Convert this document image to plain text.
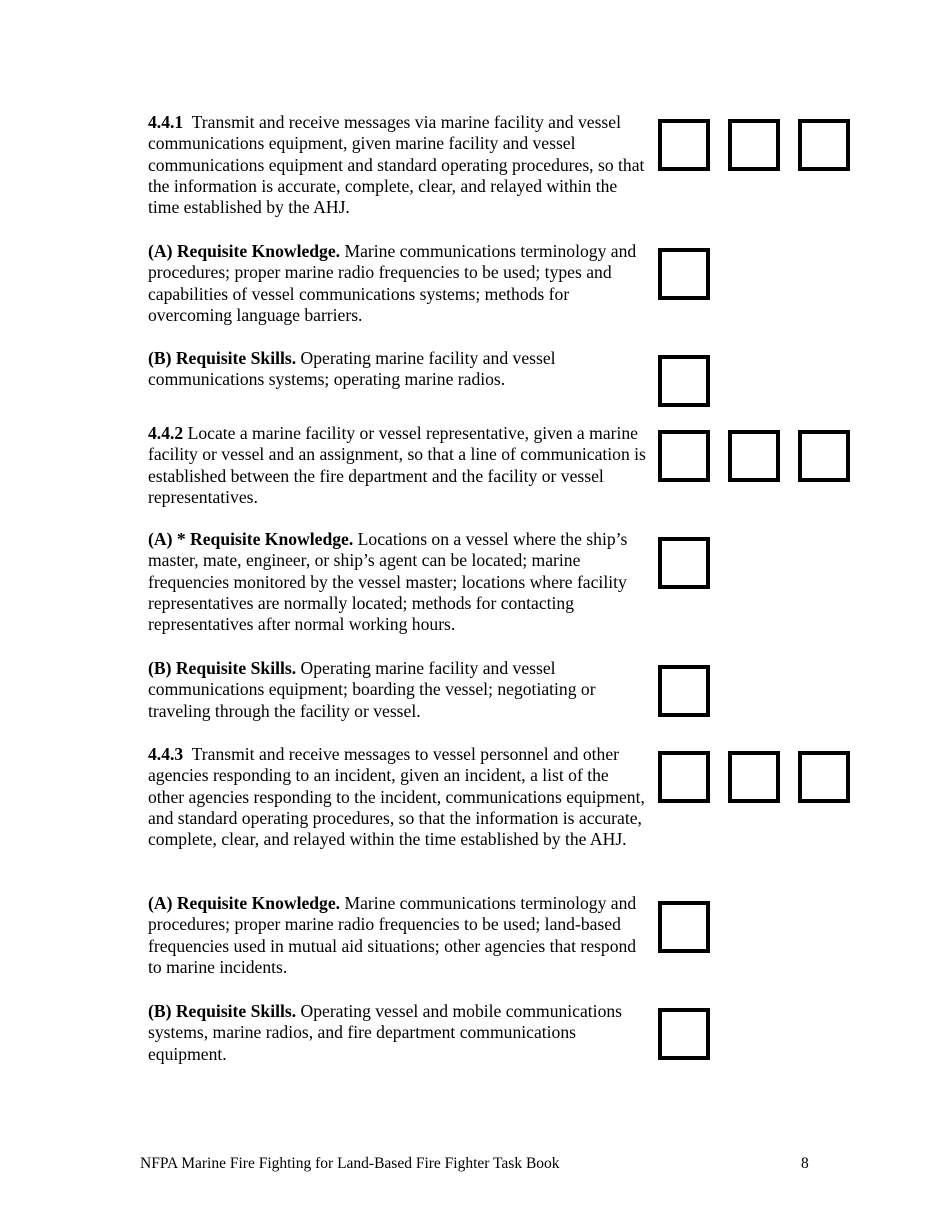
4.4.1 Transmit and receive messages via marine facility and vessel communications equipment, given marine facility and vessel communications equipment and standard operating procedures, so that the information is accurate, complete, clear, and relayed within the time established by the AHJ.
(A) Requisite Knowledge. Marine communications terminology and procedures; proper marine radio frequencies to be used; types and capabilities of vessel communications systems; methods for overcoming language barriers.
(B) Requisite Skills. Operating marine facility and vessel communications systems; operating marine radios.
4.4.2 Locate a marine facility or vessel representative, given a marine facility or vessel and an assignment, so that a line of communication is established between the fire department and the facility or vessel representatives.
(A) * Requisite Knowledge. Locations on a vessel where the ship’s master, mate, engineer, or ship’s agent can be located; marine frequencies monitored by the vessel master; locations where facility representatives are normally located; methods for contacting representatives after normal working hours.
(B) Requisite Skills. Operating marine facility and vessel communications equipment; boarding the vessel; negotiating or traveling through the facility or vessel.
4.4.3 Transmit and receive messages to vessel personnel and other agencies responding to an incident, given an incident, a list of the other agencies responding to the incident, communications equipment, and standard operating procedures, so that the information is accurate, complete, clear, and relayed within the time established by the AHJ.
(A) Requisite Knowledge. Marine communications terminology and procedures; proper marine radio frequencies to be used; land-based frequencies used in mutual aid situations; other agencies that respond to marine incidents.
(B) Requisite Skills. Operating vessel and mobile communications systems, marine radios, and fire department communications equipment.
NFPA Marine Fire Fighting for Land-Based Fire Fighter Task Book	8
